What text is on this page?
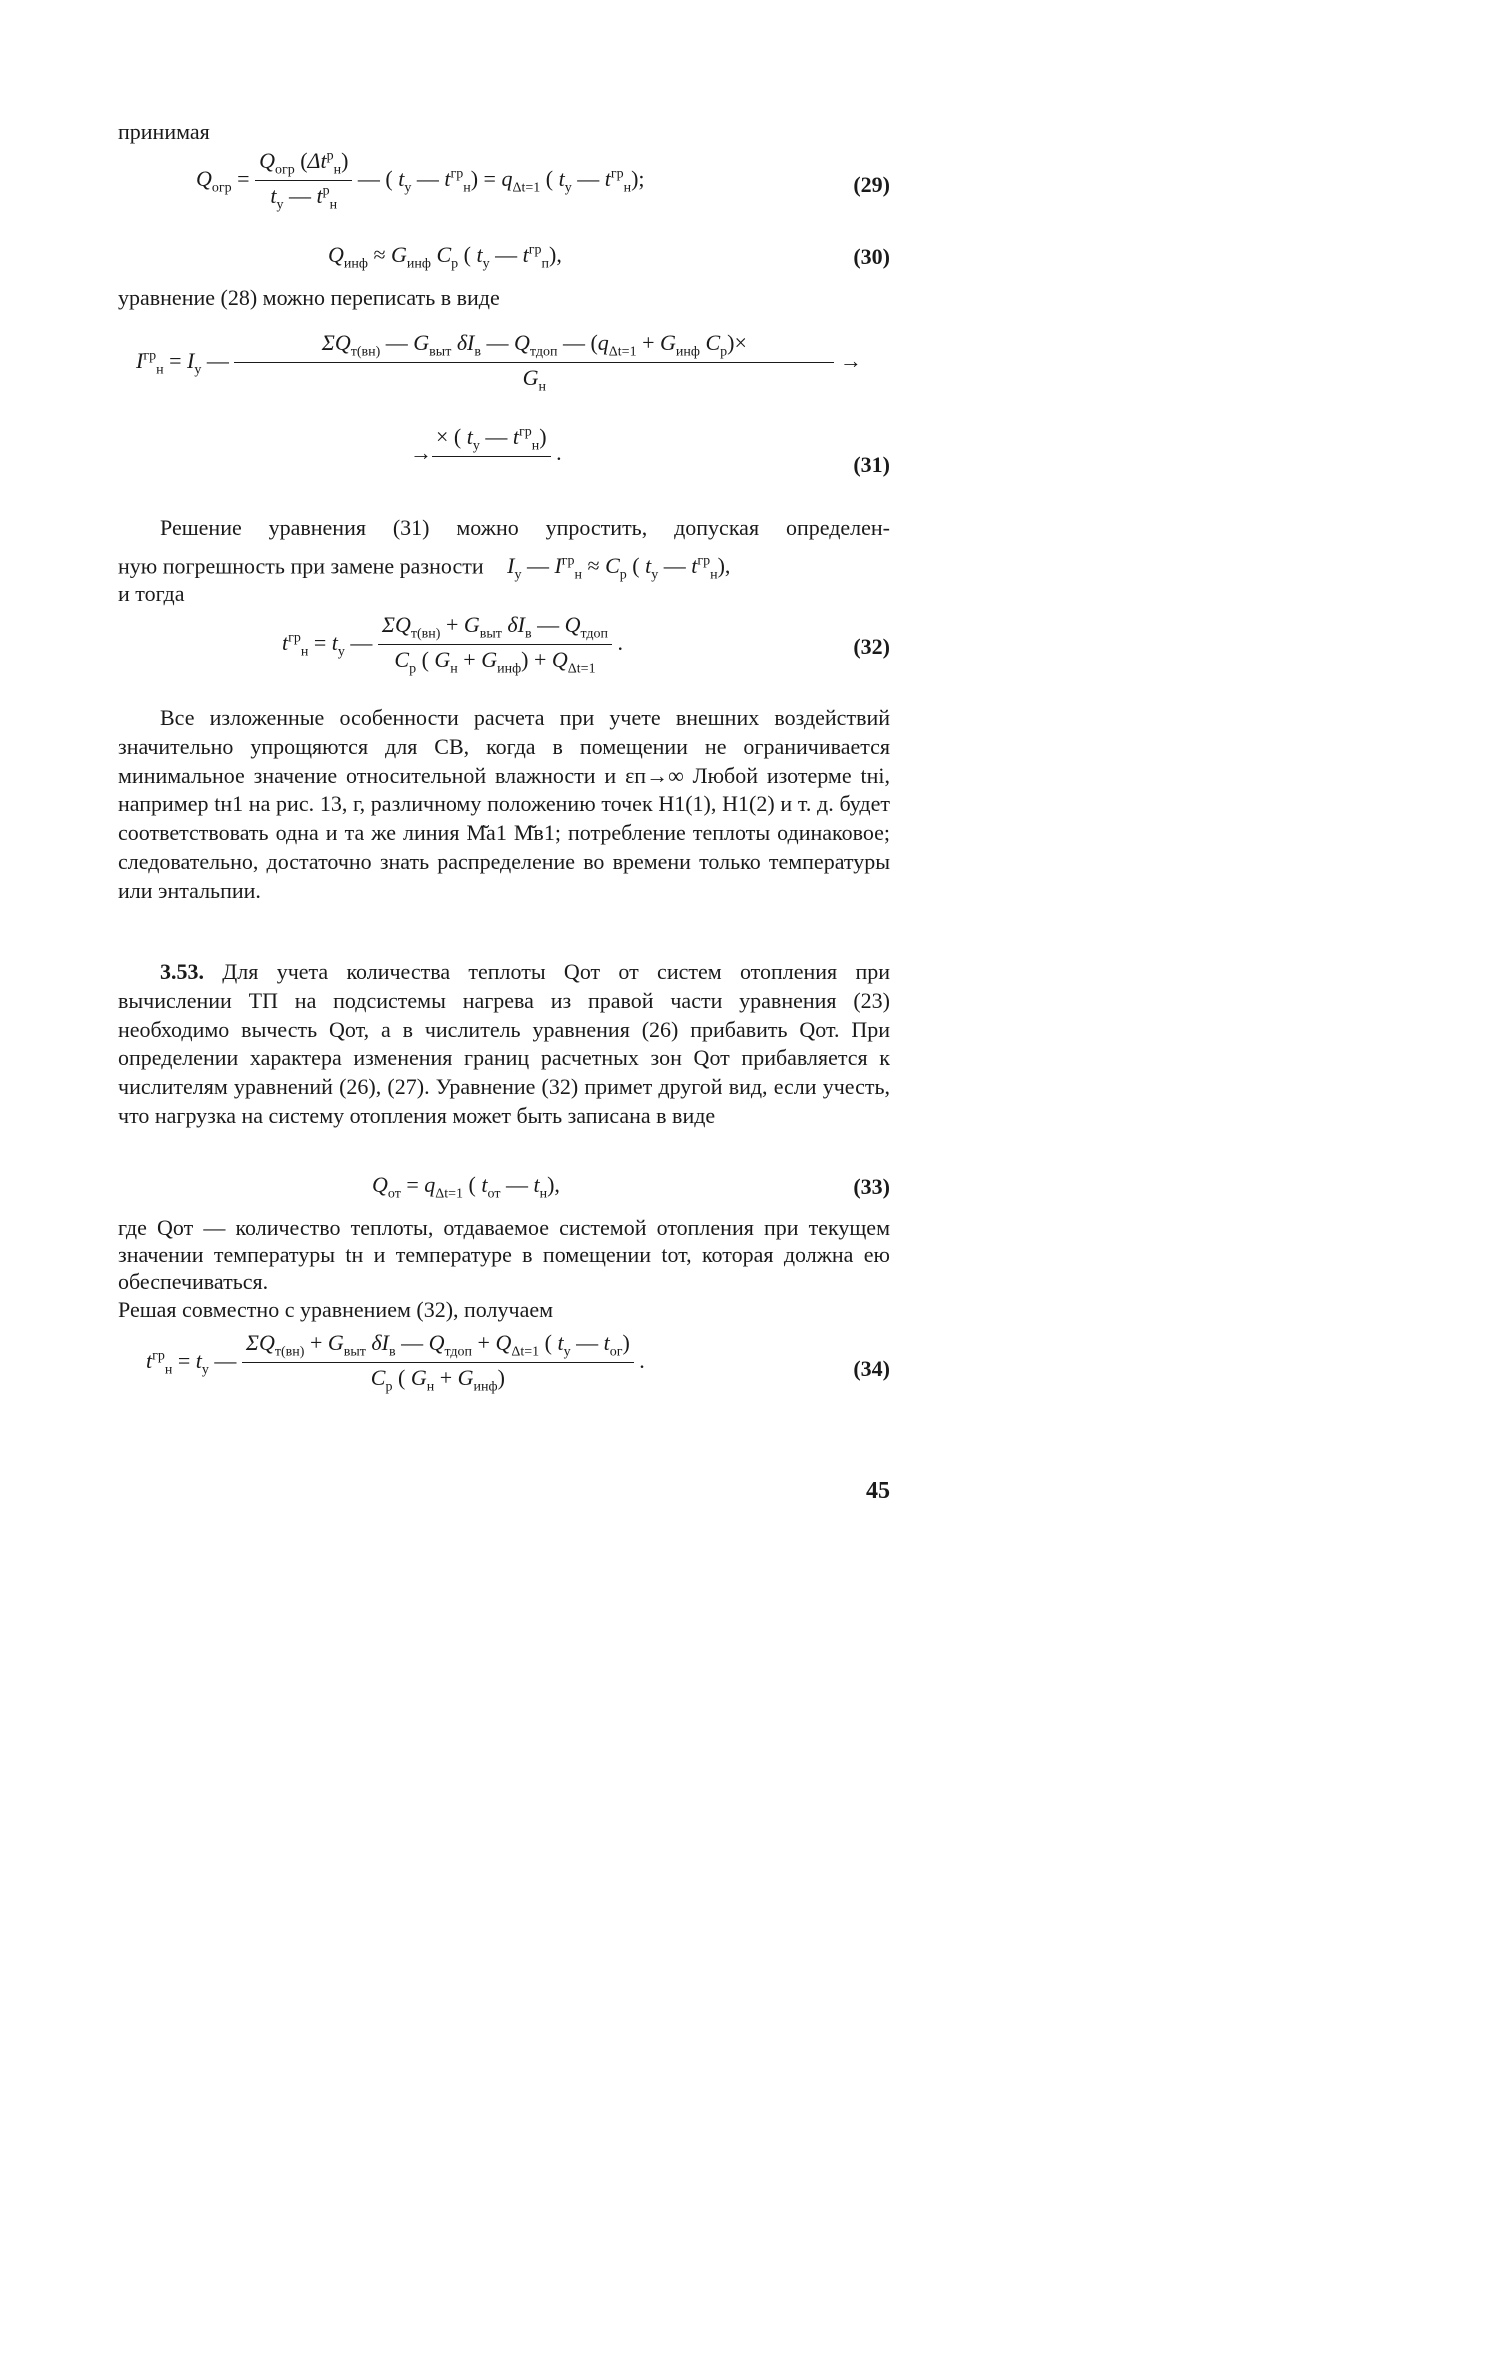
принимая
$Q_{огр} = \frac{Q_{огр} (\Delta t^р_н)}{t_у — t^р_н}$ — ( $t_у$ — $t^{гр}_н) = q_{\Delta t=1}$ ( $t_у$ — $t^{гр}_н$);	(29)
$Q_{инф} \approx G_{инф}$ $C_р$ ( $t_у$ — $t^{гр}_п$),	(30)
уравнение (28) можно переписать в виде
$I^{гр}_н = I_у$ — $\frac{\Sigma Q_{т(вн)} — G_{выт} \delta I_в — Q_{тдоп} — (q_{\Delta t=1} + G_{инф} C_р)\times}{G_н}$ →
→
× ( $t_у$ — $t^{гр}_н$)

.	(31)
Решение уравнения (31) можно упростить, допуская определен-
ную погрешность при замене разности $I_у$ — $I^{гр}_н \approx C_р$ ( $t_у$ — $t^{гр}_н$),
и тогда
$t^{гр}_н = t_у$ — $\frac{\Sigma Q_{т(вн)} + G_{выт} \delta I_в — Q_{тдоп}}{C_р ( G_н + G_{инф}) + Q_{\Delta t=1}}$ .	(32)
Все изложенные особенности расчета при учете внешних воздействий значительно упрощяются для СВ, когда в помещении не ограничивается минимальное значение относительной влажности и εп→∞ Любой изотерме tнi, например tн1 на рис. 13, г, различному положению точек Н1(1), Н1(2) и т. д. будет соответствовать одна и та же линия М̆а1 М̆в1; потребление теплоты одинаковое; следовательно, достаточно знать распределение во времени только температуры или энтальпии.
3.53. Для учета количества теплоты Qот от систем отопления при вычислении ТП на подсистемы нагрева из правой части уравнения (23) необходимо вычесть Qот, а в числитель уравнения (26) прибавить Qот. При определении характера изменения границ расчетных зон Qот прибавляется к числителям уравнений (26), (27). Уравнение (32) примет другой вид, если учесть, что нагрузка на систему отопления может быть записана в виде
$Q_{от} = q_{\Delta t=1}$ ( $t_{от}$ — $t_н$),	(33)
где Qот — количество теплоты, отдаваемое системой отопления при текущем значении температуры tн и температуре в помещении tот, которая должна ею обеспечиваться.
Решая совместно с уравнением (32), получаем
$t^{гр}_н = t_у$ — $\frac{\Sigma Q_{т(вн)} + G_{выт} \delta I_в — Q_{тдоп} + Q_{\Delta t=1} ( t_у — t_{ог})}{C_р ( G_н + G_{инф})}$ .	(34)
45
